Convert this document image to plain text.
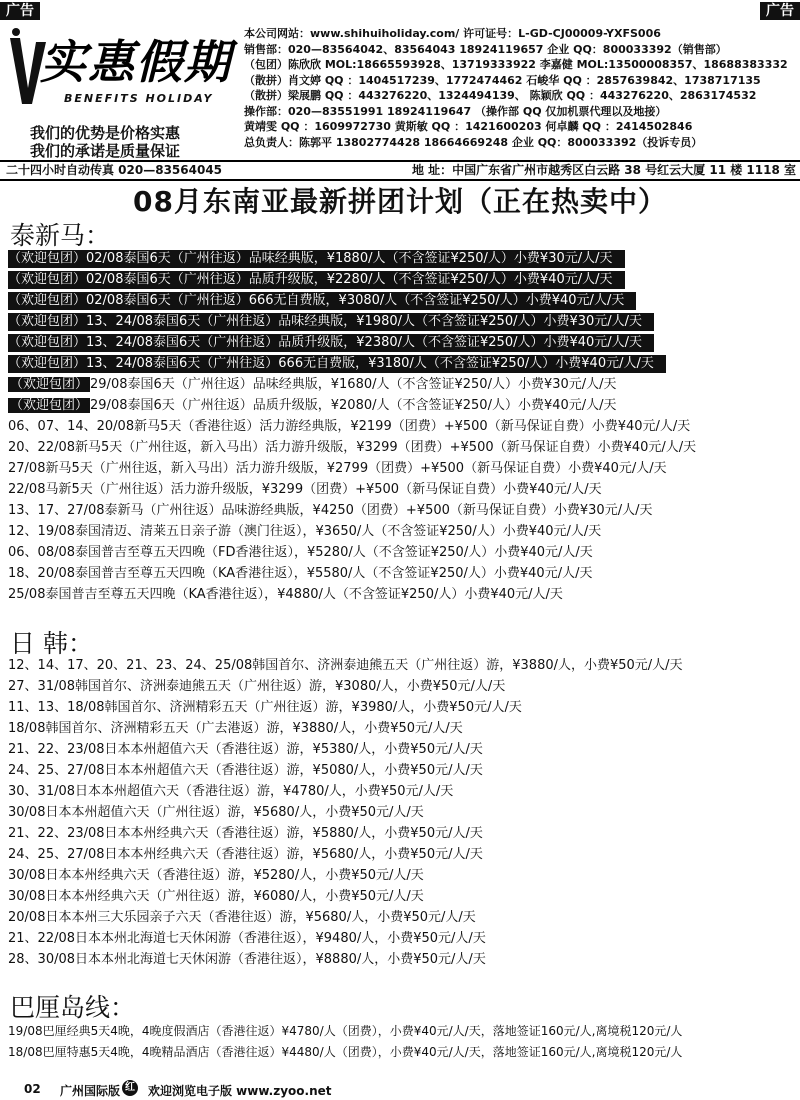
广告	广告
实惠假期
BENEFITS HOLIDAY
我们的优势是价格实惠
我们的承诺是质量保证
本公司网站：www.shihuiholiday.com/ 许可证号：L-GD-CJ00009-YXFS006
销售部：020—83564042、83564043 18924119657 企业 QQ：800033392（销售部）
（包团）陈欣欣 MOL:18665593928、13719333922 李嘉健 MOL:13500008357、18688383332
（散拼）肖文婷 QQ ：1404517239、1772474462 石峻华 QQ ：2857639842、1738717135
（散拼）梁展鹏 QQ ：443276220、1324494139、 陈颖欣 QQ ：443276220、2863174532
操作部：020—83551991 18924119647 （操作部 QQ 仅加机票代理以及地接）
黄靖雯 QQ ：1609972730 黄斯敏 QQ ：1421600203 何卓麟 QQ ：2414502846
总负责人：陈郭平 13802774428 18664669248 企业 QQ：800033392（投诉专员）
二十四小时自动传真 020—83564045	地 址：中国广东省广州市越秀区白云路 38 号红云大厦 11 楼 1118 室
08月东南亚最新拼团计划（正在热卖中）
泰新马：
（欢迎包团）02/08泰国6天（广州往返）品味经典版，¥1880/人（不含签证¥250/人）小费¥30元/人/天
（欢迎包团）02/08泰国6天（广州往返）品质升级版，¥2280/人（不含签证¥250/人）小费¥40元/人/天
（欢迎包团）02/08泰国6天（广州往返）666无自费版，¥3080/人（不含签证¥250/人）小费¥40元/人/天
（欢迎包团）13、24/08泰国6天（广州往返）品味经典版，¥1980/人（不含签证¥250/人）小费¥30元/人/天
（欢迎包团）13、24/08泰国6天（广州往返）品质升级版，¥2380/人（不含签证¥250/人）小费¥40元/人/天
（欢迎包团）13、24/08泰国6天（广州往返）666无自费版，¥3180/人（不含签证¥250/人）小费¥40元/人/天
（欢迎包团） 29/08泰国6天（广州往返）品味经典版，¥1680/人（不含签证¥250/人）小费¥30元/人/天
（欢迎包团） 29/08泰国6天（广州往返）品质升级版，¥2080/人（不含签证¥250/人）小费¥40元/人/天
06、07、14、20/08新马5天（香港往返）活力游经典版，¥2199（团费）+¥500（新马保证自费）小费¥40元/人/天
20、22/08新马5天（广州往返，新入马出）活力游升级版，¥3299（团费）+¥500（新马保证自费）小费¥40元/人/天
27/08新马5天（广州往返，新入马出）活力游升级版，¥2799（团费）+¥500（新马保证自费）小费¥40元/人/天
22/08马新5天（广州往返）活力游升级版，¥3299（团费）+¥500（新马保证自费）小费¥40元/人/天
13、17、27/08泰新马（广州往返）品味游经典版，¥4250（团费）+¥500（新马保证自费）小费¥30元/人/天
12、19/08泰国清迈、清莱五日亲子游（澳门往返），¥3650/人（不含签证¥250/人）小费¥40元/人/天
06、08/08泰国普吉至尊五天四晚（FD香港往返），¥5280/人（不含签证¥250/人）小费¥40元/人/天
18、20/08泰国普吉至尊五天四晚（KA香港往返），¥5580/人（不含签证¥250/人）小费¥40元/人/天
25/08泰国普吉至尊五天四晚（KA香港往返），¥4880/人（不含签证¥250/人）小费¥40元/人/天
日 韩：
12、14、17、20、21、23、24、25/08韩国首尔、济洲泰迪熊五天（广州往返）游，¥3880/人，小费¥50元/人/天
27、31/08韩国首尔、济洲泰迪熊五天（广州往返）游，¥3080/人，小费¥50元/人/天
11、13、18/08韩国首尔、济洲精彩五天（广州往返）游，¥3980/人，小费¥50元/人/天
18/08韩国首尔、济洲精彩五天（广去港返）游，¥3880/人，小费¥50元/人/天
21、22、23/08日本本州超值六天（香港往返）游，¥5380/人，小费¥50元/人/天
24、25、27/08日本本州超值六天（香港往返）游，¥5080/人，小费¥50元/人/天
30、31/08日本本州超值六天（香港往返）游，¥4780/人，小费¥50元/人/天
30/08日本本州超值六天（广州往返）游，¥5680/人，小费¥50元/人/天
21、22、23/08日本本州经典六天（香港往返）游，¥5880/人，小费¥50元/人/天
24、25、27/08日本本州经典六天（香港往返）游，¥5680/人，小费¥50元/人/天
30/08日本本州经典六天（香港往返）游，¥5280/人，小费¥50元/人/天
30/08日本本州经典六天（广州往返）游，¥6080/人，小费¥50元/人/天
20/08日本本州三大乐园亲子六天（香港往返）游，¥5680/人，小费¥50元/人/天
21、22/08日本本州北海道七天休闲游（香港往返），¥9480/人，小费¥50元/人/天
28、30/08日本本州北海道七天休闲游（香港往返），¥8880/人，小费¥50元/人/天
巴厘岛线：
19/08巴厘经典5天4晚，4晚度假酒店（香港往返）¥4780/人（团费），小费¥40元/人/天，落地签证160元/人,离境税120元/人
18/08巴厘特惠5天4晚，4晚精品酒店（香港往返）¥4480/人（团费），小费¥40元/人/天，落地签证160元/人,离境税120元/人
02 广州国际版 红 欢迎浏览电子版 www.zyoo.net
